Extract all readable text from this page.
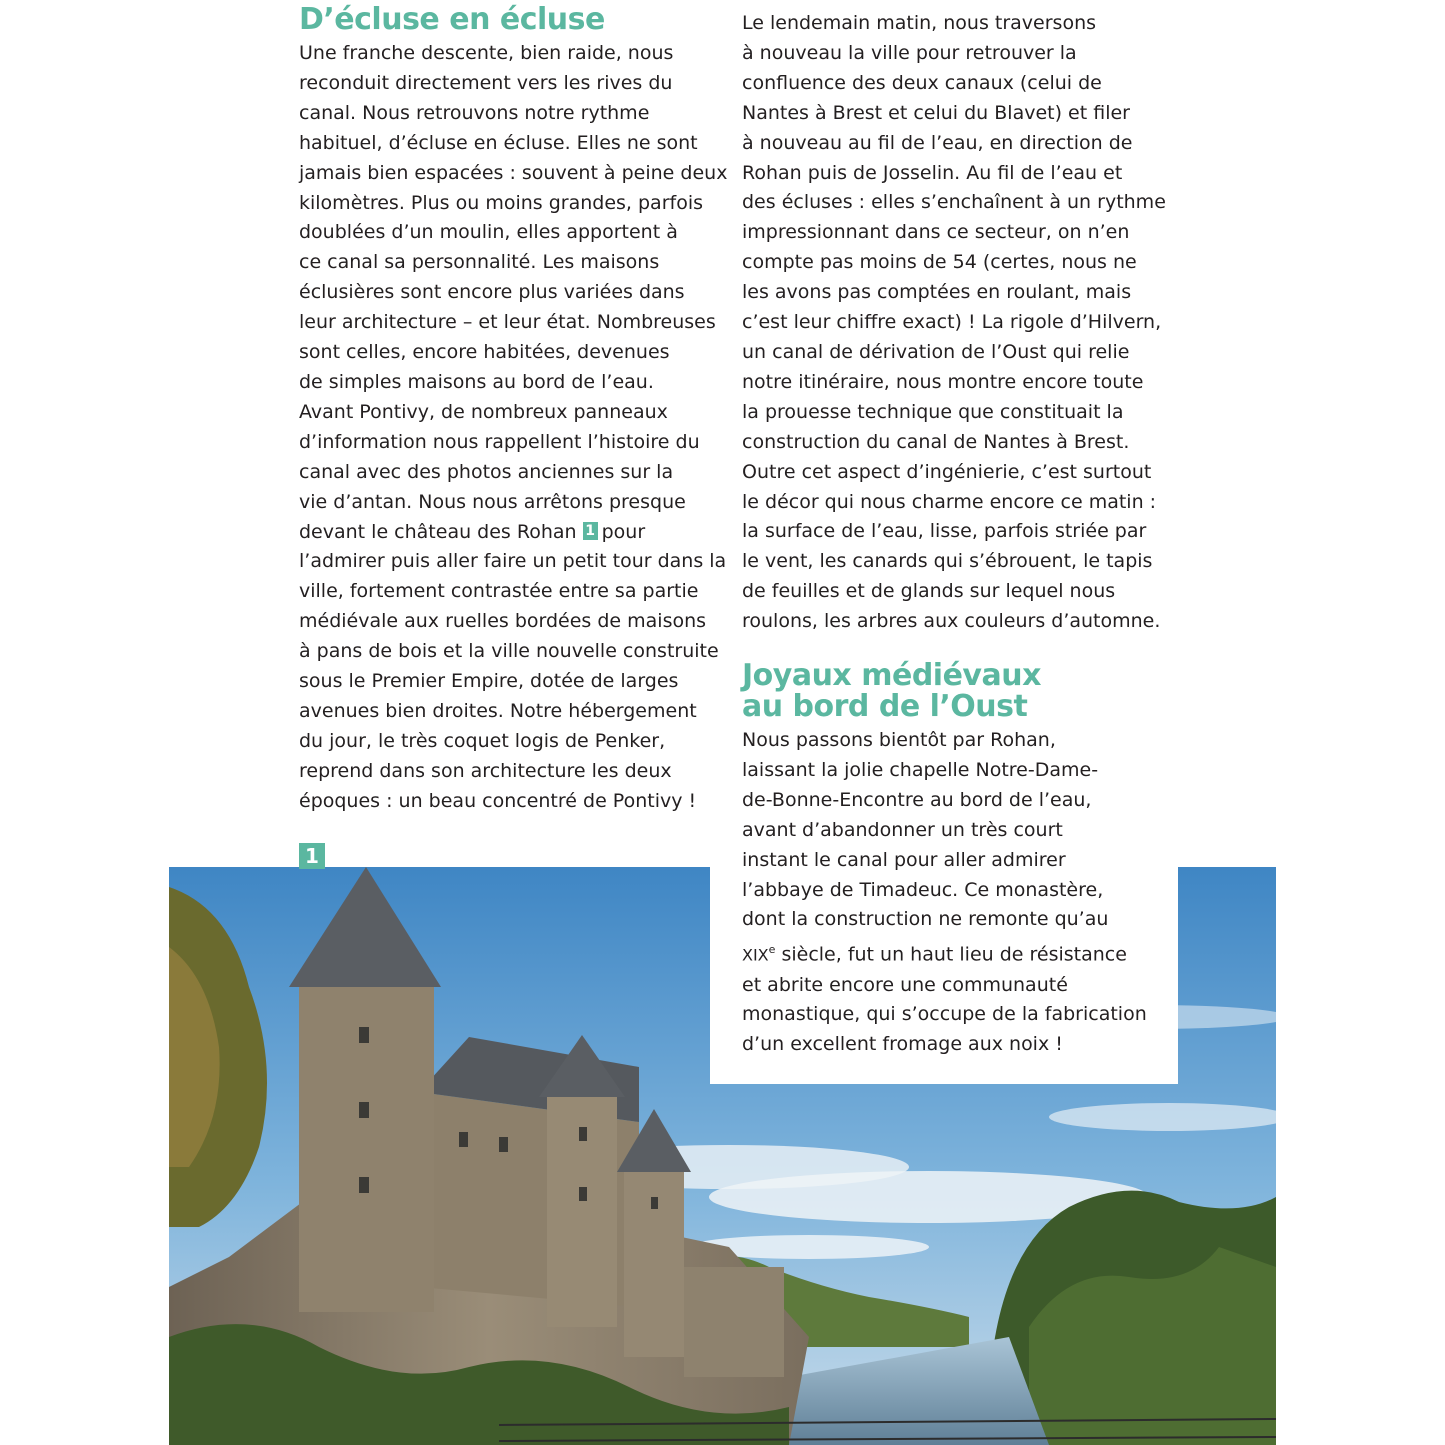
D’écluse en écluse

Une franche descente, bien raide, nous

reconduit directement vers les rives du

canal. Nous retrouvons notre rythme

habituel, d’écluse en écluse. Elles ne sont

jamais bien espacées : souvent à peine deux

kilomètres. Plus ou moins grandes, parfois

doublées d’un moulin, elles apportent à

ce canal sa personnalité. Les maisons

éclusières sont encore plus variées dans

leur architecture – et leur état. Nombreuses

sont celles, encore habitées, devenues

de simples maisons au bord de l’eau.

Avant Pontivy, de nombreux panneaux

d’information nous rappellent l’histoire du

canal avec des photos anciennes sur la

vie d’antan. Nous nous arrêtons presque

devant le château des Rohan 1 pour

l’admirer puis aller faire un petit tour dans la

ville, fortement contrastée entre sa partie

médiévale aux ruelles bordées de maisons

à pans de bois et la ville nouvelle construite

sous le Premier Empire, dotée de larges

avenues bien droites. Notre hébergement

du jour, le très coquet logis de Penker,

reprend dans son architecture les deux

époques : un beau concentré de Pontivy !

Le lendemain matin, nous traversons

à nouveau la ville pour retrouver la

confluence des deux canaux (celui de

Nantes à Brest et celui du Blavet) et filer

à nouveau au fil de l’eau, en direction de

Rohan puis de Josselin. Au fil de l’eau et

des écluses : elles s’enchaînent à un rythme

impressionnant dans ce secteur, on n’en

compte pas moins de 54 (certes, nous ne

les avons pas comptées en roulant, mais

c’est leur chiffre exact) ! La rigole d’Hilvern,

un canal de dérivation de l’Oust qui relie

notre itinéraire, nous montre encore toute

la prouesse technique que constituait la

construction du canal de Nantes à Brest.

Outre cet aspect d’ingénierie, c’est surtout

le décor qui nous charme encore ce matin :

la surface de l’eau, lisse, parfois striée par

le vent, les canards qui s’ébrouent, le tapis

de feuilles et de glands sur lequel nous

roulons, les arbres aux couleurs d’automne.

1
Joyaux médiévaux
au bord de l’Oust

Nous passons bientôt par Rohan,

laissant la jolie chapelle Notre-Dame-

de-Bonne-Encontre au bord de l’eau,

avant d’abandonner un très court

instant le canal pour aller admirer

l’abbaye de Timadeuc. Ce monastère,

dont la construction ne remonte qu’au

XIXe siècle, fut un haut lieu de résistance

et abrite encore une communauté

monastique, qui s’occupe de la fabrication

d’un excellent fromage aux noix !
